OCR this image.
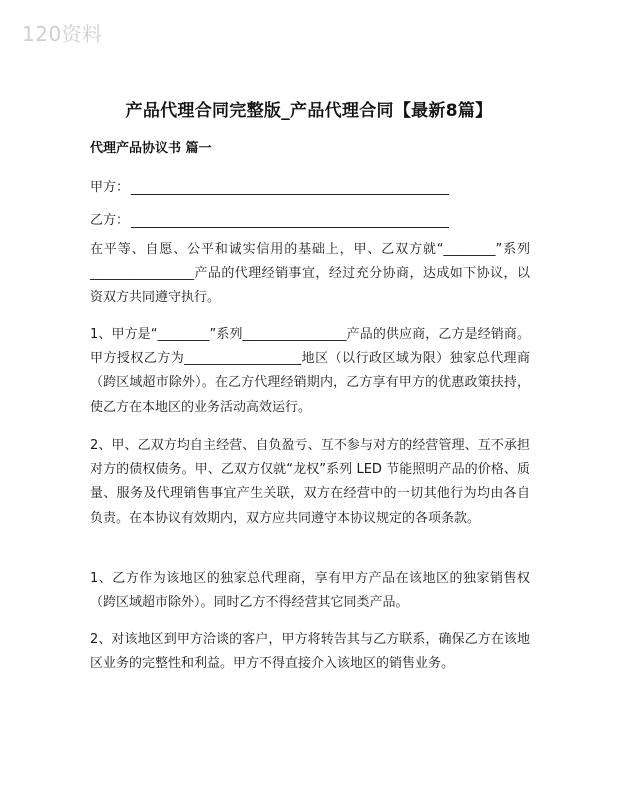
120资料
产品代理合同完整版_产品代理合同【最新8篇】
代理产品协议书 篇一
甲方：
乙方：

在平等、自愿、公平和诚实信用的基础上，甲、乙双方就“________”系列________________产品的代理经销事宜，经过充分协商，达成如下协议，以资双方共同遵守执行。

1、甲方是“________”系列________________产品的供应商，乙方是经销商。甲方授权乙方为__________________地区（以行政区域为限）独家总代理商（跨区域超市除外）。在乙方代理经销期内，乙方享有甲方的优惠政策扶持，使乙方在本地区的业务活动高效运行。

2、甲、乙双方均自主经营、自负盈亏、互不参与对方的经营管理、互不承担对方的债权债务。甲、乙双方仅就“龙权”系列 LED 节能照明产品的价格、质量、服务及代理销售事宜产生关联，双方在经营中的一切其他行为均由各自负责。在本协议有效期内，双方应共同遵守本协议规定的各项条款。

1、乙方作为该地区的独家总代理商，享有甲方产品在该地区的独家销售权（跨区域超市除外）。同时乙方不得经营其它同类产品。

2、对该地区到甲方洽谈的客户，甲方将转告其与乙方联系，确保乙方在该地区业务的完整性和利益。甲方不得直接介入该地区的销售业务。
